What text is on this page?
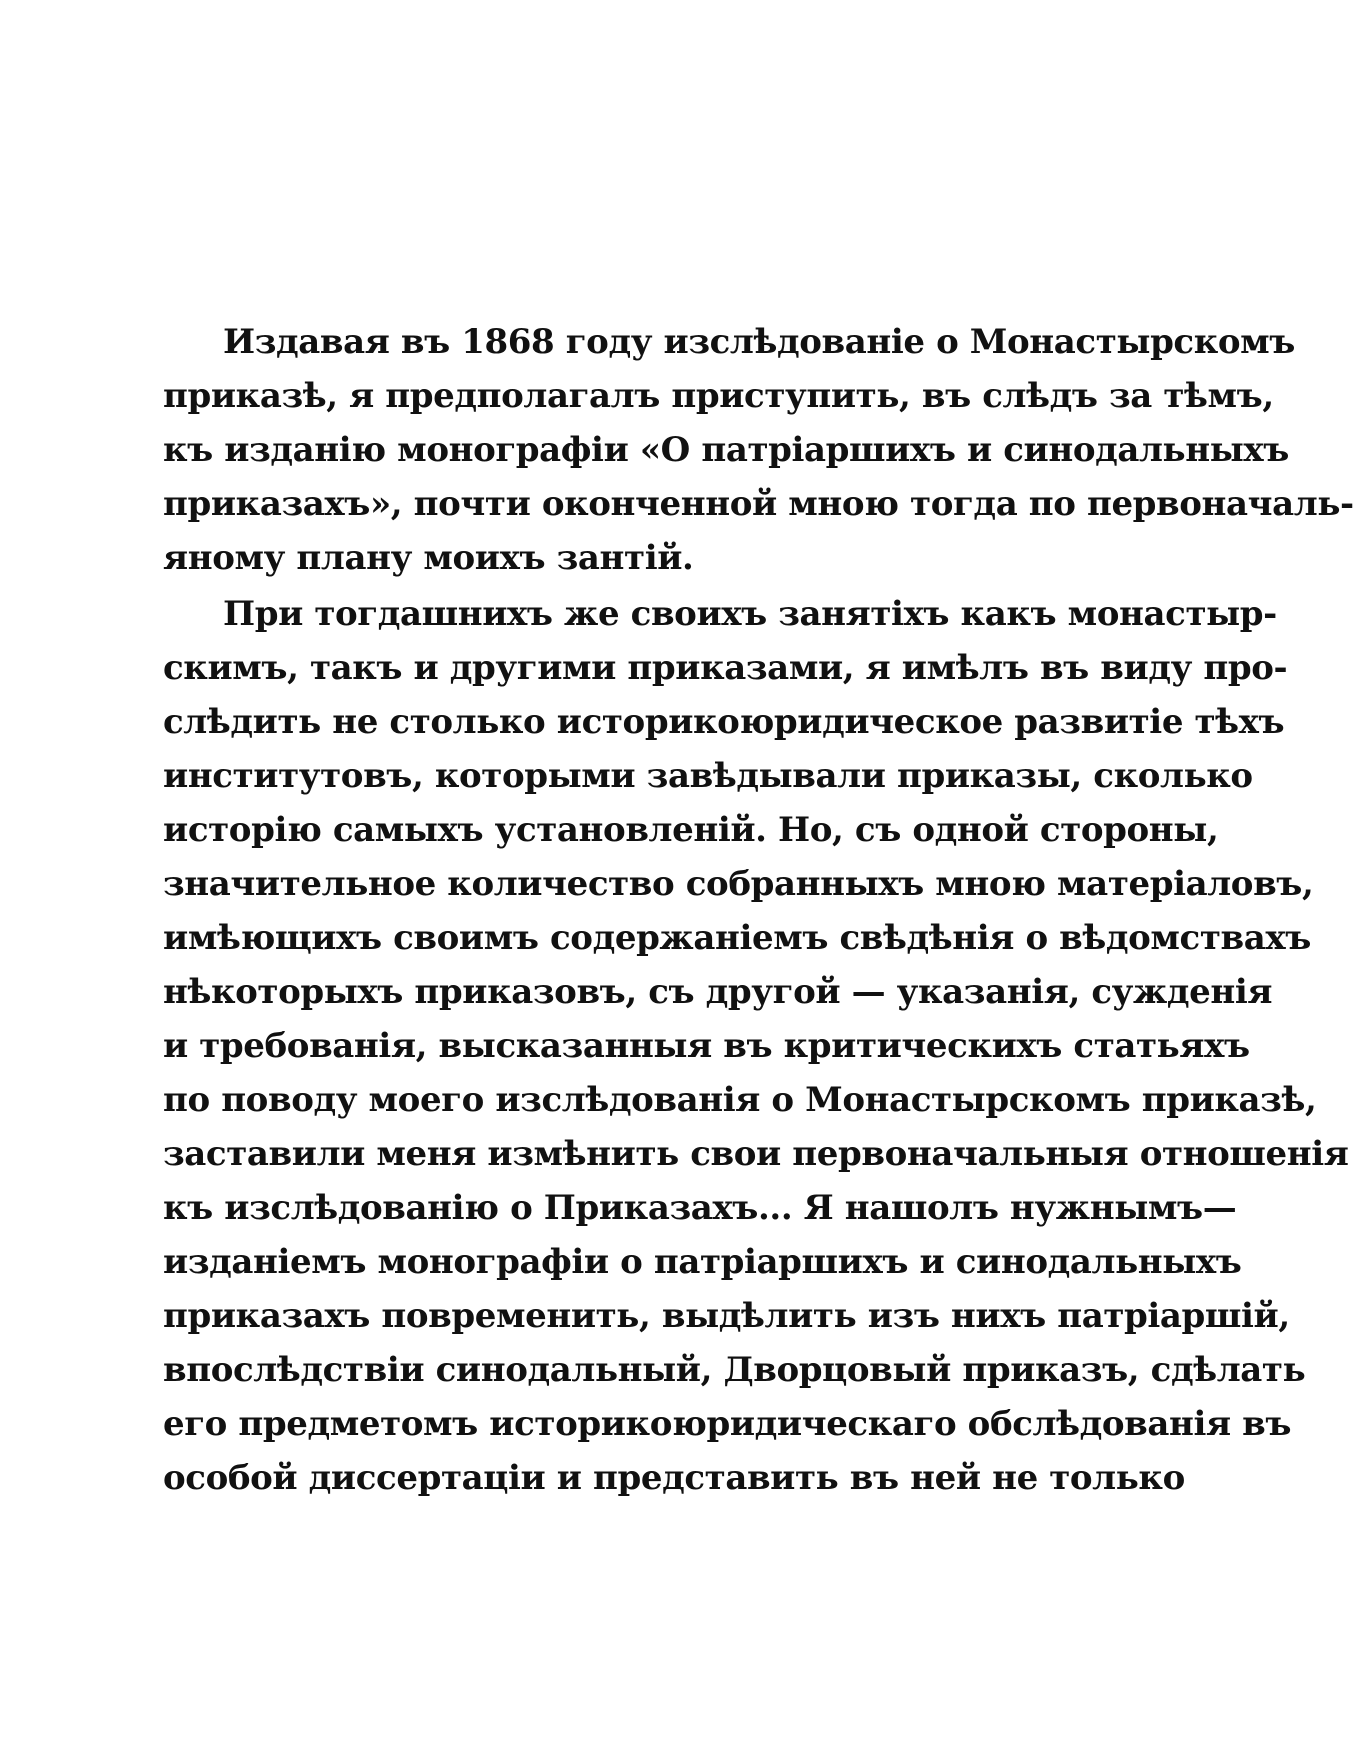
Издавая въ 1868 году изслѣдованіе о Монастырскомъ
приказѣ, я предполагалъ приступить, въ слѣдъ за тѣмъ,
къ изданію монографіи «О патріаршихъ и синодальныхъ
приказахъ», почти оконченной мною тогда по первоначаль-
яному плану моихъ зантій.
При тогдашнихъ же своихъ занятіхъ какъ монастыр-
скимъ, такъ и другими приказами, я имѣлъ въ виду про-
слѣдить не столько историкоюридическое развитіе тѣхъ
институтовъ, которыми завѣдывали приказы, сколько
исторію самыхъ установленій. Но, съ одной стороны,
значительное количество собранныхъ мною матеріаловъ,
имѣющихъ своимъ содержаніемъ свѣдѣнія о вѣдомствахъ
нѣкоторыхъ приказовъ, съ другой — указанія, сужденія
и требованія, высказанныя въ критическихъ статьяхъ
по поводу моего изслѣдованія о Монастырскомъ приказѣ,
заставили меня измѣнить свои первоначальныя отношенія
къ изслѣдованію о Приказахъ... Я нашолъ нужнымъ—
изданіемъ монографіи о патріаршихъ и синодальныхъ
приказахъ повременить, выдѣлить изъ нихъ патріаршій,
впослѣдствіи синодальный, Дворцовый приказъ, сдѣлать
его предметомъ историкоюридическаго обслѣдованія въ
особой диссертаціи и представить въ ней не только
